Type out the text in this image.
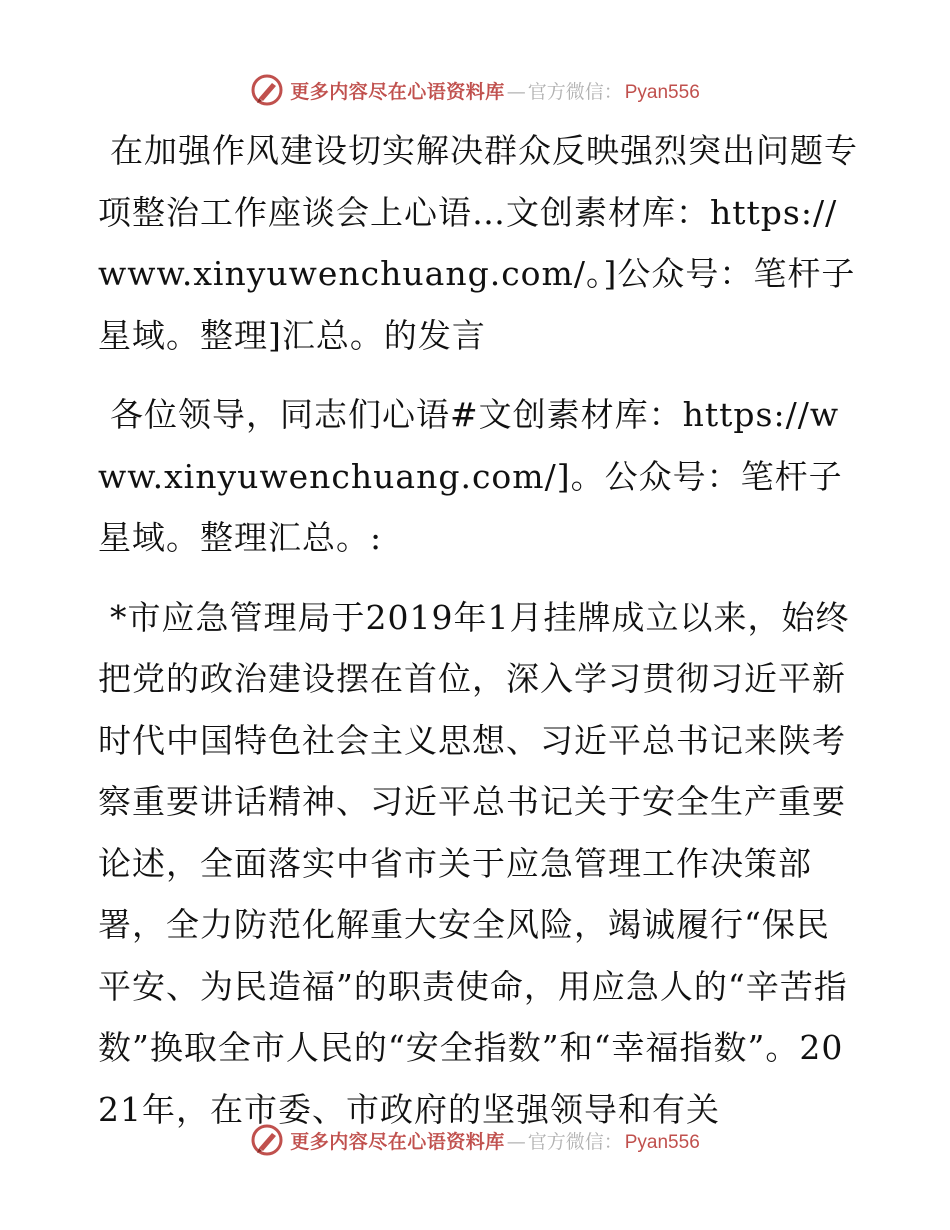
更多内容尽在心语资料库 — 官方微信： Pyan556

在加强作风建设切实解决群众反映强烈突出问题专项整治工作座谈会上心语…文创素材库：https://www.xinyuwenchuang.com/。]公众号：笔杆子星域。整理]汇总。的发言

各位领导，同志们心语#文创素材库：https://www.xinyuwenchuang.com/]。公众号：笔杆子星域。整理汇总。:

*市应急管理局于2019年1月挂牌成立以来，始终把党的政治建设摆在首位，深入学习贯彻习近平新时代中国特色社会主义思想、习近平总书记来陕考察重要讲话精神、习近平总书记关于安全生产重要论述，全面落实中省市关于应急管理工作决策部署，全力防范化解重大安全风险，竭诚履行“保民平安、为民造福”的职责使命，用应急人的“辛苦指数”换取全市人民的“安全指数”和“幸福指数”。2021年，在市委、市政府的坚强领导和有关

更多内容尽在心语资料库 — 官方微信： Pyan556
